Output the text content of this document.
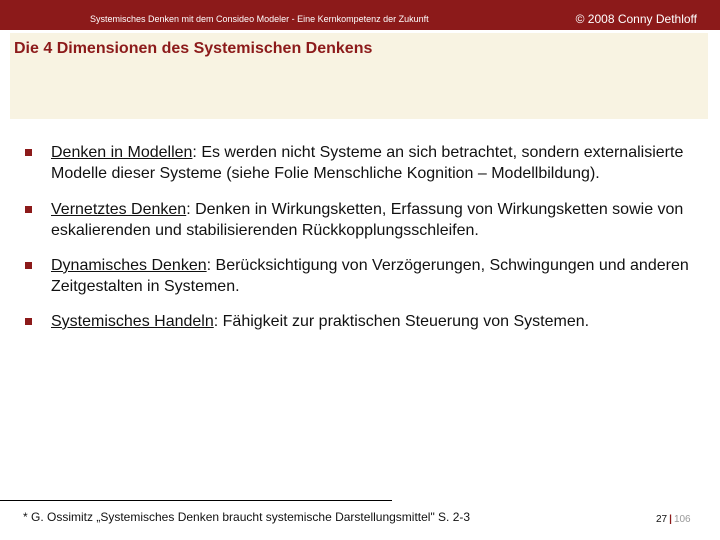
Systemisches Denken mit dem Consideo Modeler - Eine Kernkompetenz der Zukunft	© 2008 Conny Dethloff
Die 4 Dimensionen des Systemischen Denkens
Denken in Modellen: Es werden nicht Systeme an sich betrachtet, sondern externalisierte Modelle dieser Systeme (siehe Folie Menschliche Kognition – Modellbildung).
Vernetztes Denken: Denken in Wirkungsketten, Erfassung von Wirkungsketten sowie von eskalierenden und stabilisierenden Rückkopplungsschleifen.
Dynamisches Denken: Berücksichtigung von Verzögerungen, Schwingungen und anderen Zeitgestalten in Systemen.
Systemisches Handeln: Fähigkeit zur praktischen Steuerung von Systemen.
* G. Ossimitz „Systemisches Denken braucht systemische Darstellungsmittel" S. 2-3	27 | 106
